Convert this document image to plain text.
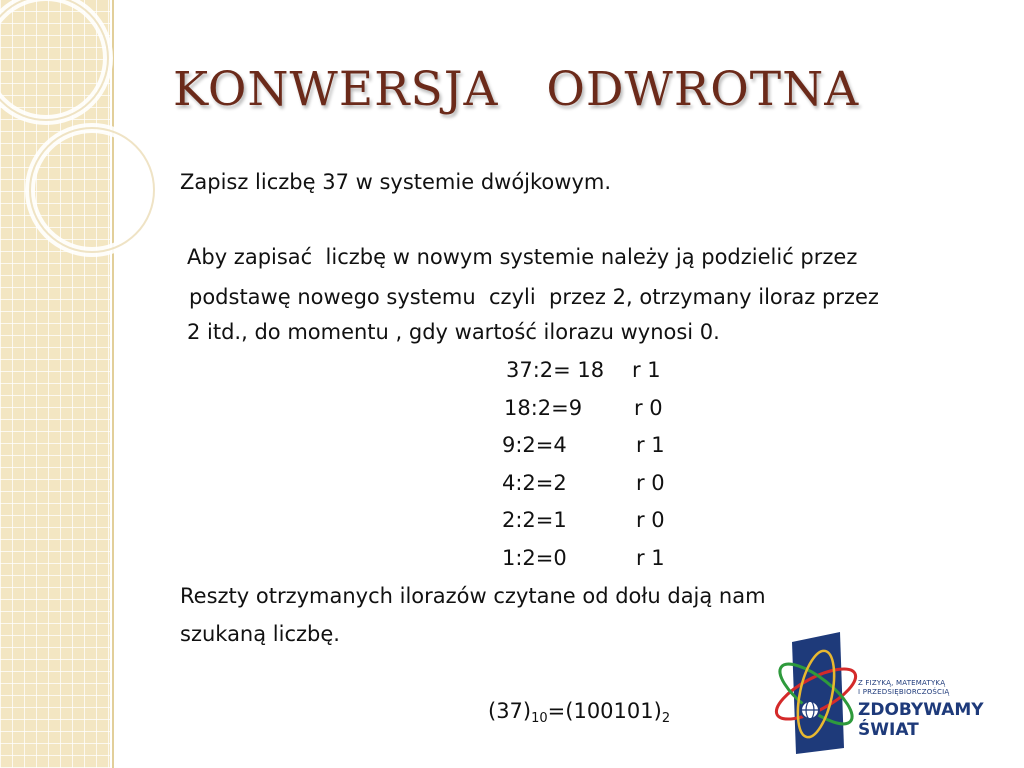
KONWERSJA   ODWROTNA
Zapisz liczbę 37 w systemie dwójkowym.
Aby zapisać  liczbę w nowym systemie należy ją podzielić przez
podstawę nowego systemu  czyli  przez 2, otrzymany iloraz przez
2 itd., do momentu , gdy wartość ilorazu wynosi 0.
37:2= 18 r 1
18:2=9 r 0
9:2=4	r 1
4:2=2	r 0
2:2=1	r 0
1:2=0	r 1
Reszty otrzymanych ilorazów czytane od dołu dają nam
szukaną liczbę.
$(37)_{10}=(100101)_2$
Z FIZYKĄ, MATEMATYKĄ
I PRZEDSIĘBIORCZOŚCIĄ
ZDOBYWAMY
ŚWIAT
